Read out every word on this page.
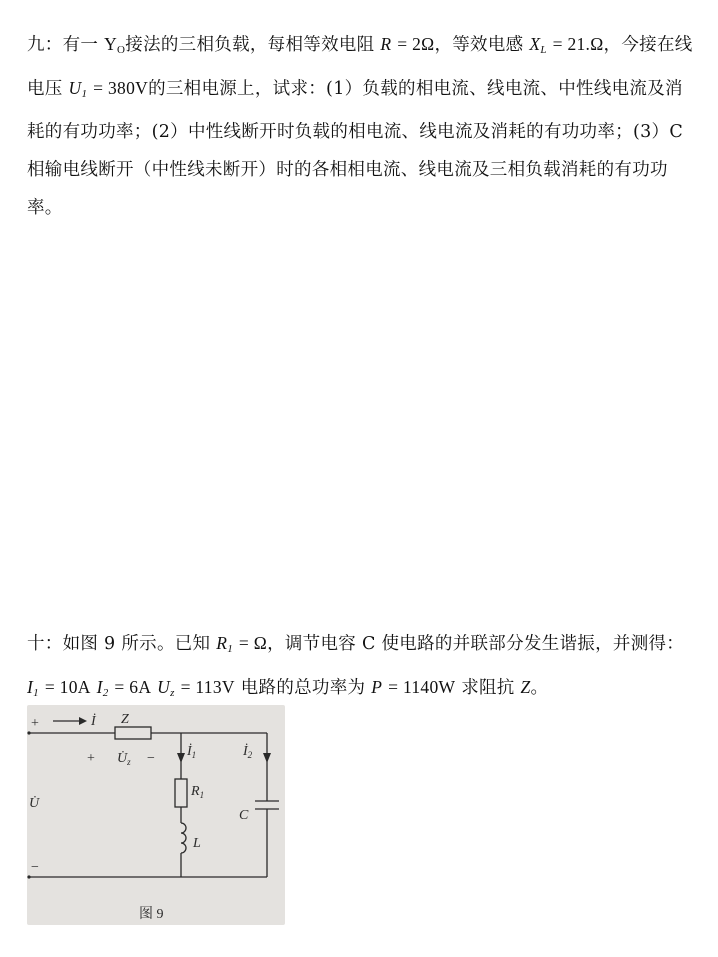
九：有一 $Y_O$接法的三相负载，每相等效电阻 R = 2Ω，等效电感 $X_L = 21.\Omega$，今接在线电压 $U_1 = 380V$的三相电源上，试求：(1）负载的相电流、线电流、中性线电流及消耗的有功功率；(2）中性线断开时负载的相电流、线电流及消耗的有功功率；(3）C相输电线断开（中性线未断开）时的各相相电流、线电流及三相负载消耗的有功功率。
十：如图 9 所示。已知 $R_1 = \Omega$，调节电容 C 使电路的并联部分发生谐振，并测得：$I_1 = 10A$ $I_2 = 6A$ $U_z = 113V$ 电路的总功率为 P = 1140W 求阻抗 Z。
+
−
U̇
İ Z
+ $U̇_z$ − $İ_1$	$İ_2$
$R_1$
L
C
图 9
